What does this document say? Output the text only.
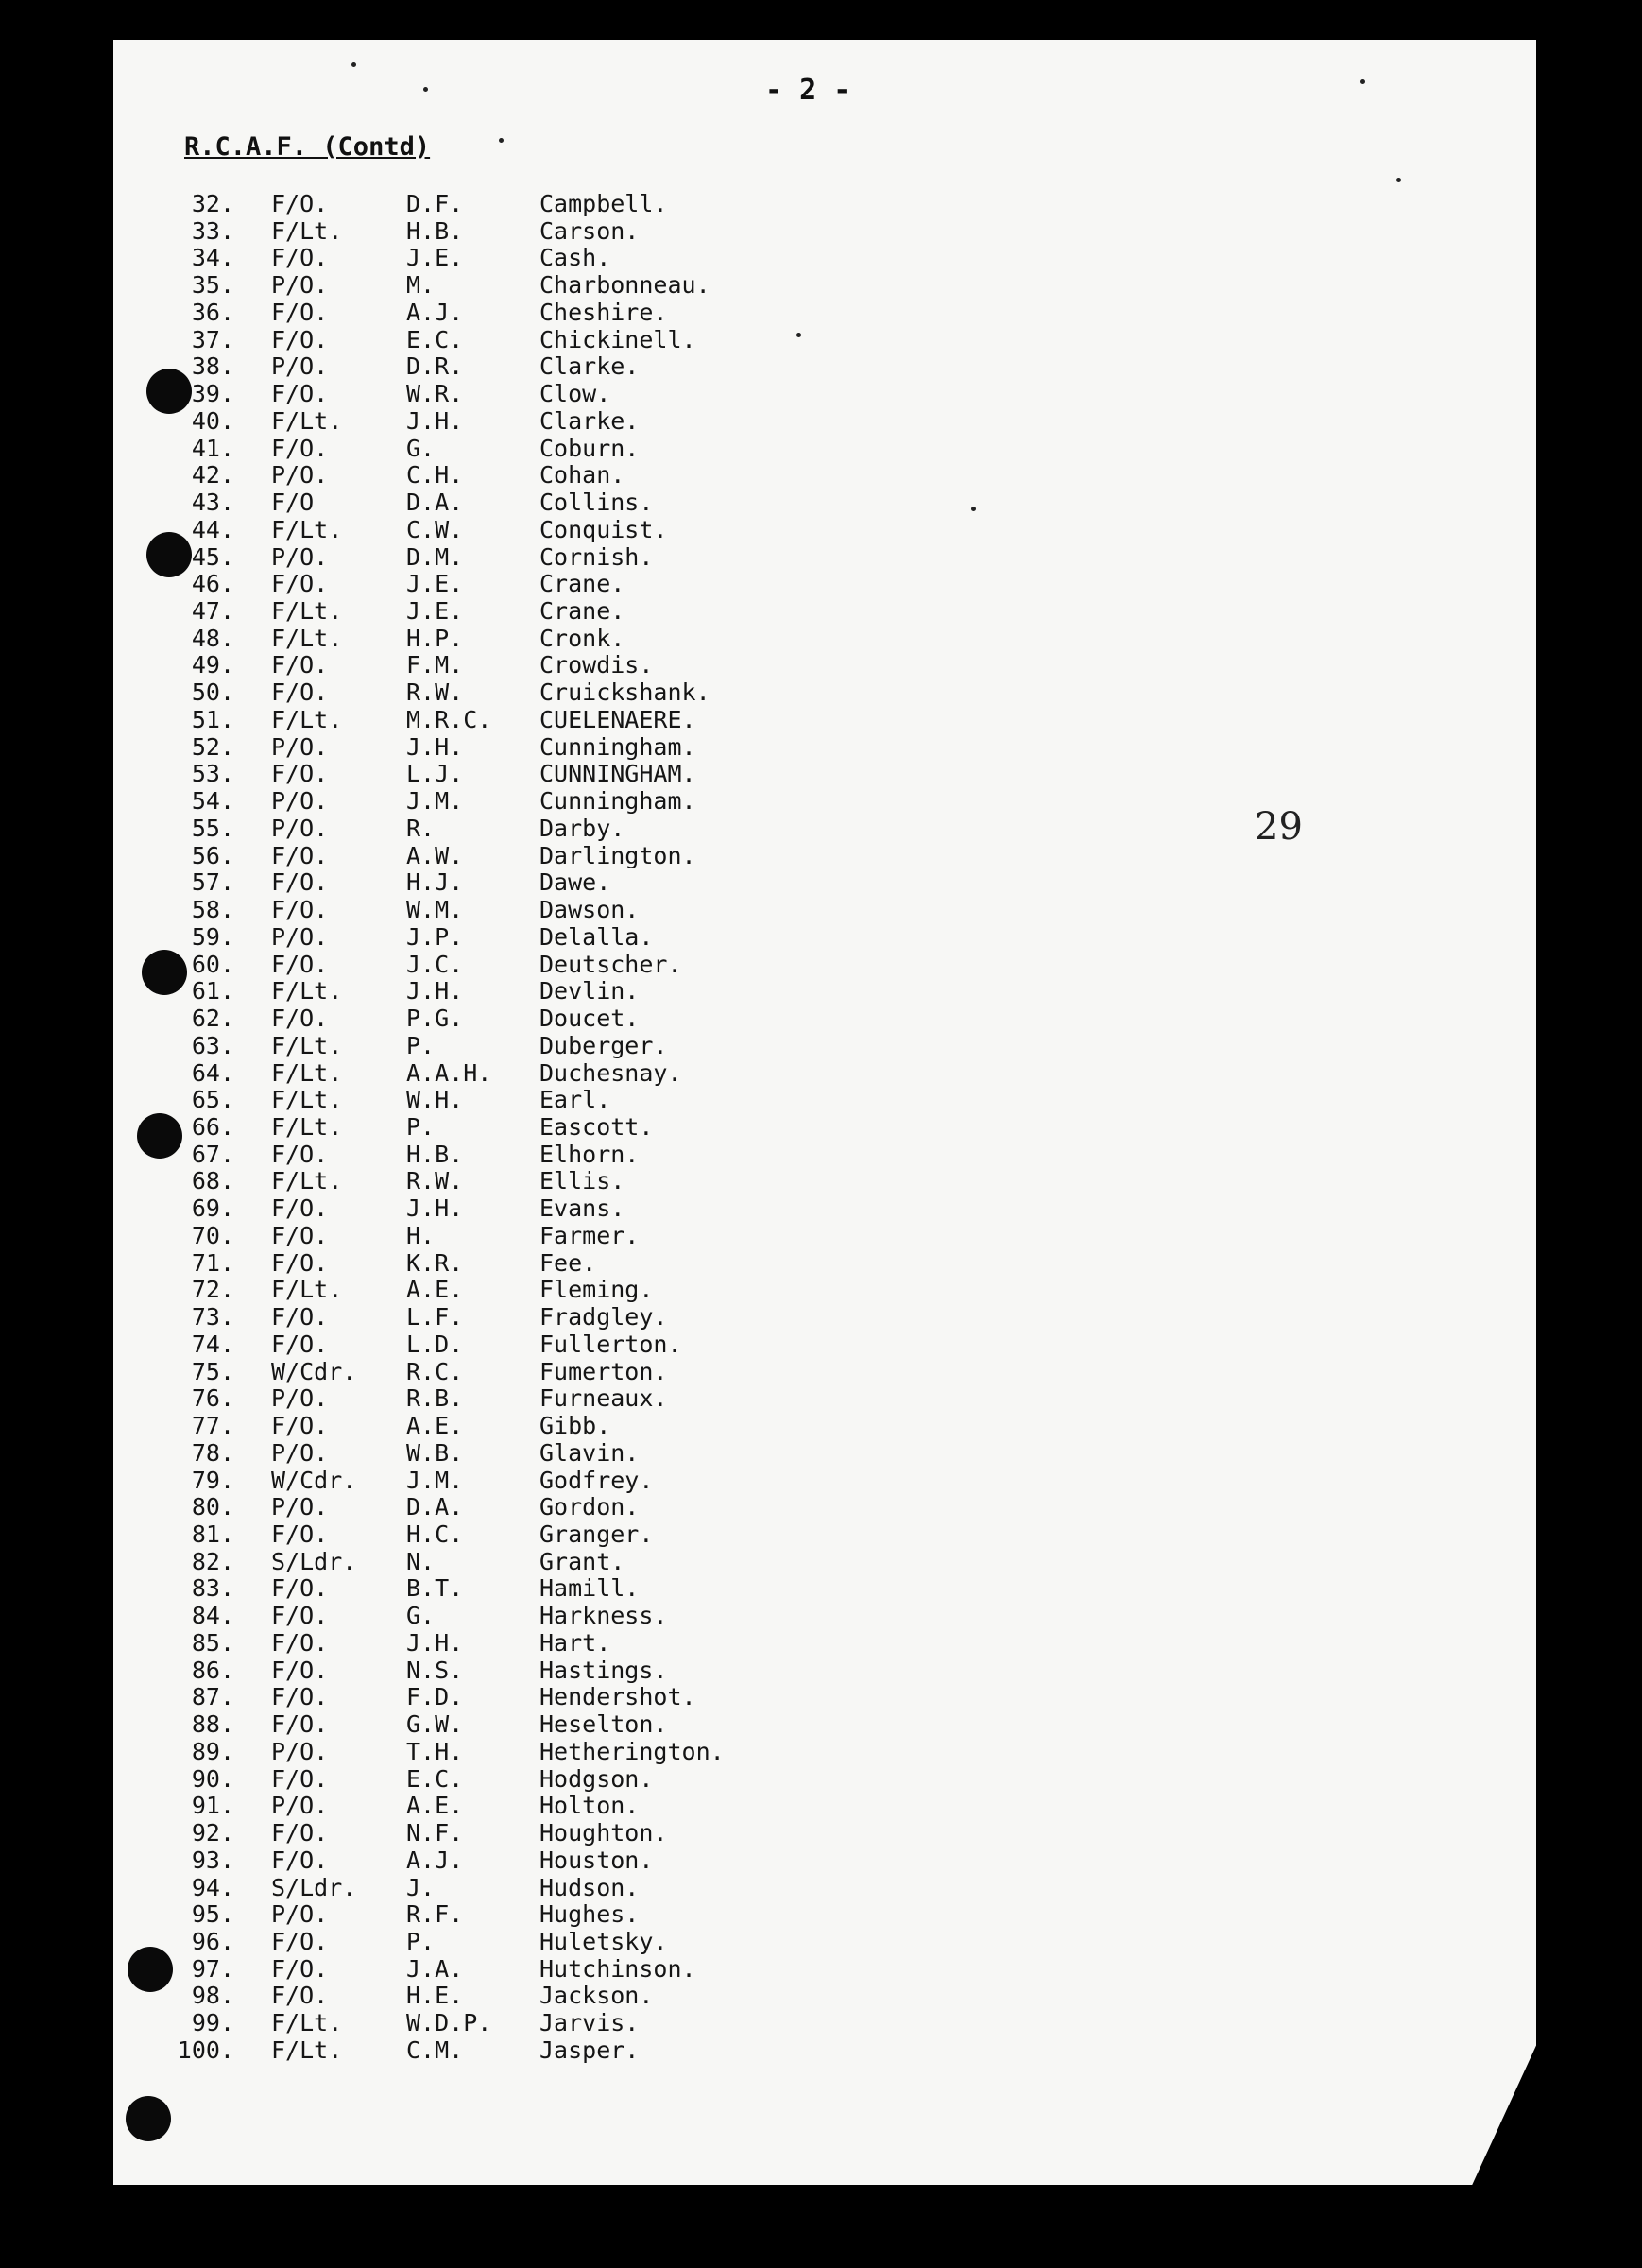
- 2 -
R.C.A.F. (Contd)
29
32. F/O.	D.F.	Campbell.
33. F/Lt.	H.B.	Carson.
34. F/O.	J.E.	Cash.
35. P/O.	M.	Charbonneau.
36. F/O.	A.J.	Cheshire.
37. F/O.	E.C.	Chickinell.
38. P/O.	D.R.	Clarke.
39. F/O.	W.R.	Clow.
40. F/Lt.	J.H.	Clarke.
41. F/O.	G.	Coburn.
42. P/O.	C.H.	Cohan.
43. F/O	D.A.	Collins.
44. F/Lt.	C.W.	Conquist.
45. P/O.	D.M.	Cornish.
46. F/O.	J.E.	Crane.
47. F/Lt.	J.E.	Crane.
48. F/Lt.	H.P.	Cronk.
49. F/O.	F.M.	Crowdis.
50. F/O.	R.W.	Cruickshank.
51. F/Lt.	M.R.C. CUELENAERE.
52. P/O.	J.H.	Cunningham.
53. F/O.	L.J.	CUNNINGHAM.
54. P/O.	J.M.	Cunningham.
55. P/O.	R.	Darby.
56. F/O.	A.W.	Darlington.
57. F/O.	H.J.	Dawe.
58. F/O.	W.M.	Dawson.
59. P/O.	J.P.	Delalla.
60. F/O.	J.C.	Deutscher.
61. F/Lt.	J.H.	Devlin.
62. F/O.	P.G.	Doucet.
63. F/Lt.	P.	Duberger.
64. F/Lt.	A.A.H. Duchesnay.
65. F/Lt.	W.H.	Earl.
66. F/Lt.	P.	Eascott.
67. F/O.	H.B.	Elhorn.
68. F/Lt.	R.W.	Ellis.
69. F/O.	J.H.	Evans.
70. F/O.	H.	Farmer.
71. F/O.	K.R.	Fee.
72. F/Lt.	A.E.	Fleming.
73. F/O.	L.F.	Fradgley.
74. F/O.	L.D.	Fullerton.
75. W/Cdr. R.C.	Fumerton.
76. P/O.	R.B.	Furneaux.
77. F/O.	A.E.	Gibb.
78. P/O.	W.B.	Glavin.
79. W/Cdr. J.M.	Godfrey.
80. P/O.	D.A.	Gordon.
81. F/O.	H.C.	Granger.
82. S/Ldr. N.	Grant.
83. F/O.	B.T.	Hamill.
84. F/O.	G.	Harkness.
85. F/O.	J.H.	Hart.
86. F/O.	N.S.	Hastings.
87. F/O.	F.D.	Hendershot.
88. F/O.	G.W.	Heselton.
89. P/O.	T.H.	Hetherington.
90. F/O.	E.C.	Hodgson.
91. P/O.	A.E.	Holton.
92. F/O.	N.F.	Houghton.
93. F/O.	A.J.	Houston.
94. S/Ldr. J.	Hudson.
95. P/O.	R.F.	Hughes.
96. F/O.	P.	Huletsky.
97. F/O.	J.A.	Hutchinson.
98. F/O.	H.E.	Jackson.
99. F/Lt.	W.D.P. Jarvis.
100. F/Lt.	C.M.	Jasper.
